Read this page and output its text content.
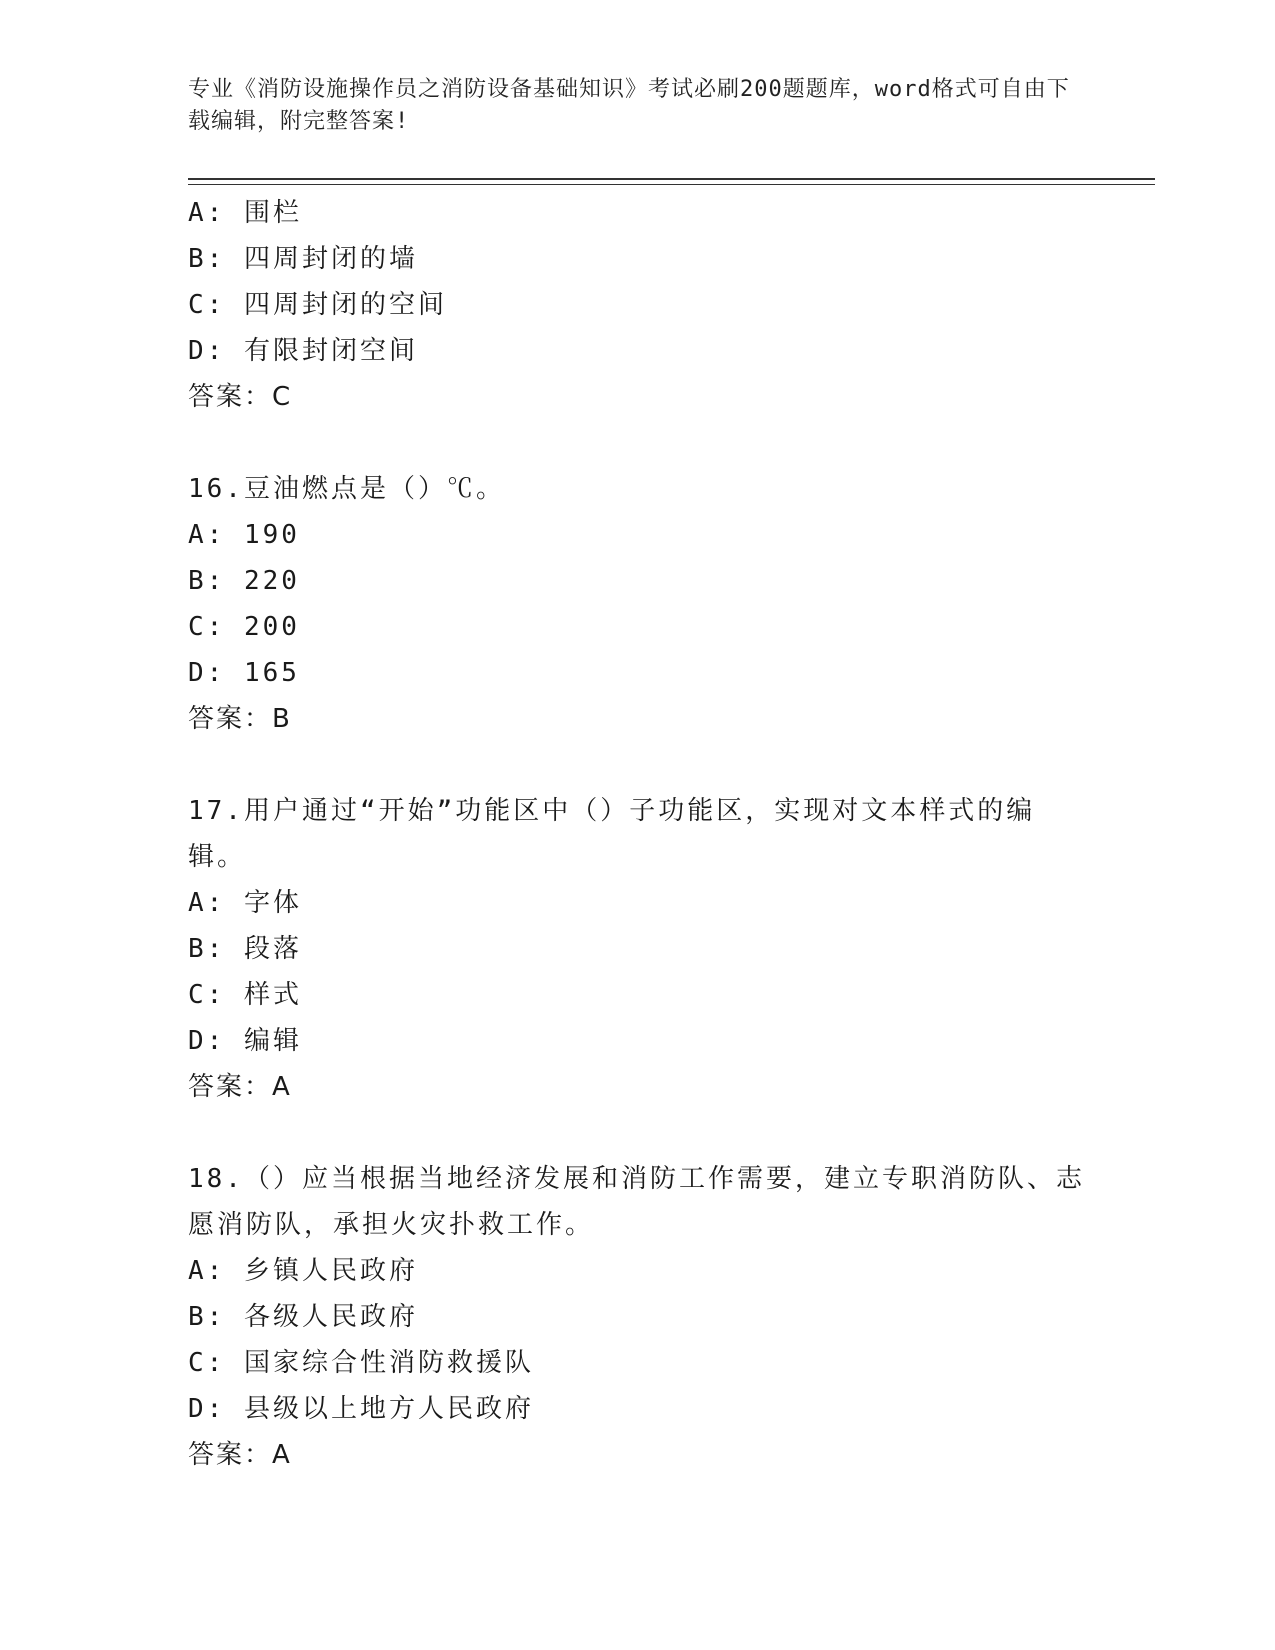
专业《消防设施操作员之消防设备基础知识》考试必刷200题题库，word格式可自由下载编辑，附完整答案!
A: 围栏
B: 四周封闭的墙
C: 四周封闭的空间
D: 有限封闭空间
答案：C
16.豆油燃点是（）℃。
A: 190
B: 220
C: 200
D: 165
答案：B
17.用户通过“开始”功能区中（）子功能区，实现对文本样式的编辑。
A: 字体
B: 段落
C: 样式
D: 编辑
答案：A
18.（）应当根据当地经济发展和消防工作需要，建立专职消防队、志愿消防队，承担火灾扑救工作。
A: 乡镇人民政府
B: 各级人民政府
C: 国家综合性消防救援队
D: 县级以上地方人民政府
答案：A
